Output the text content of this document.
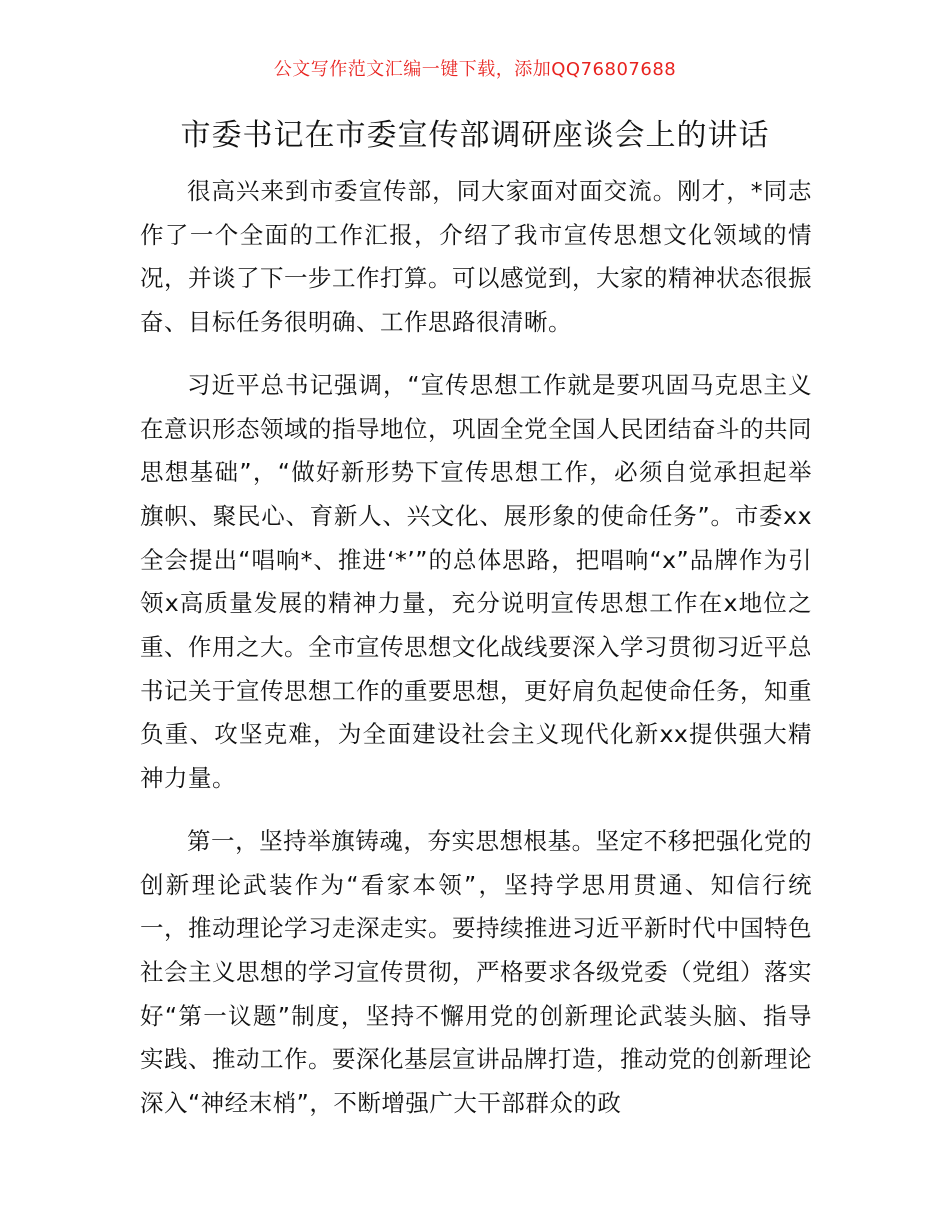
公文写作范文汇编一键下载，添加QQ76807688
市委书记在市委宣传部调研座谈会上的讲话

很高兴来到市委宣传部，同大家面对面交流。刚才，*同志作了一个全面的工作汇报，介绍了我市宣传思想文化领域的情况，并谈了下一步工作打算。可以感觉到，大家的精神状态很振奋、目标任务很明确、工作思路很清晰。

习近平总书记强调，“宣传思想工作就是要巩固马克思主义在意识形态领域的指导地位，巩固全党全国人民团结奋斗的共同思想基础”，“做好新形势下宣传思想工作，必须自觉承担起举旗帜、聚民心、育新人、兴文化、展形象的使命任务”。市委xx全会提出“唱响*、推进‘*’”的总体思路，把唱响“x”品牌作为引领x高质量发展的精神力量，充分说明宣传思想工作在x地位之重、作用之大。全市宣传思想文化战线要深入学习贯彻习近平总书记关于宣传思想工作的重要思想，更好肩负起使命任务，知重负重、攻坚克难，为全面建设社会主义现代化新xx提供强大精神力量。

第一，坚持举旗铸魂，夯实思想根基。坚定不移把强化党的创新理论武装作为“看家本领”，坚持学思用贯通、知信行统一，推动理论学习走深走实。要持续推进习近平新时代中国特色社会主义思想的学习宣传贯彻，严格要求各级党委（党组）落实好“第一议题”制度，坚持不懈用党的创新理论武装头脑、指导实践、推动工作。要深化基层宣讲品牌打造，推动党的创新理论深入“神经末梢”，不断增强广大干部群众的政
